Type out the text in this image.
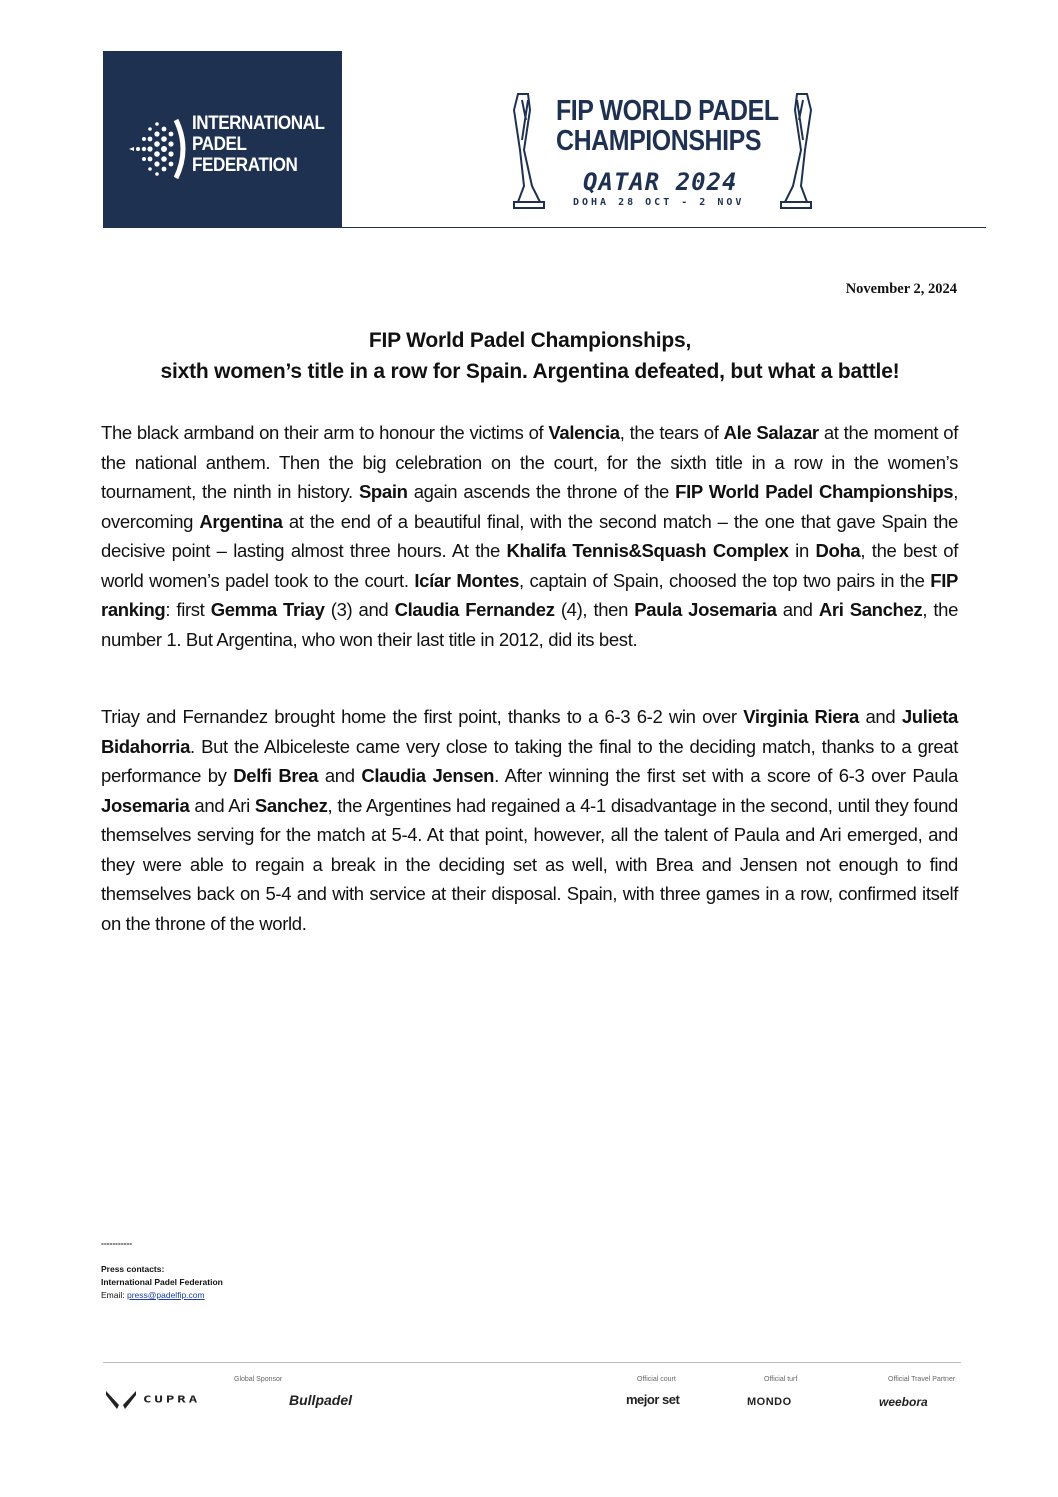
INTERNATIONAL
PADEL
FEDERATION
FIP WORLD PADEL
CHAMPIONSHIPS
QATAR 2024
DOHA 28 OCT - 2 NOV
November 2, 2024
FIP World Padel Championships,
sixth women’s title in a row for Spain. Argentina defeated, but what a battle!
The black armband on their arm to honour the victims of Valencia, the tears of Ale Salazar at the moment of the national anthem. Then the big celebration on the court, for the sixth title in a row in the women’s tournament, the ninth in history. Spain again ascends the throne of the FIP World Padel Championships, overcoming Argentina at the end of a beautiful final, with the second match – the one that gave Spain the decisive point – lasting almost three hours. At the Khalifa Tennis&Squash Complex in Doha, the best of world women’s padel took to the court. Icíar Montes, captain of Spain, choosed the top two pairs in the FIP ranking: first Gemma Triay (3) and Claudia Fernandez (4), then Paula Josemaria and Ari Sanchez, the number 1. But Argentina, who won their last title in 2012, did its best.
Triay and Fernandez brought home the first point, thanks to a 6-3 6-2 win over Virginia Riera and Julieta Bidahorria. But the Albiceleste came very close to taking the final to the deciding match, thanks to a great performance by Delfi Brea and Claudia Jensen. After winning the first set with a score of 6-3 over Paula Josemaria and Ari Sanchez, the Argentines had regained a 4-1 disadvantage in the second, until they found themselves serving for the match at 5-4. At that point, however, all the talent of Paula and Ari emerged, and they were able to regain a break in the deciding set as well, with Brea and Jensen not enough to find themselves back on 5-4 and with service at their disposal. Spain, with three games in a row, confirmed itself on the throne of the world.
-----------
Press contacts:
International Padel Federation
Email: press@padelfip.com
Global Sponsor	Official court	Official turf	Official Travel Partner
CUPRA	Bullpadel	mejor set	MONDO	weebora
